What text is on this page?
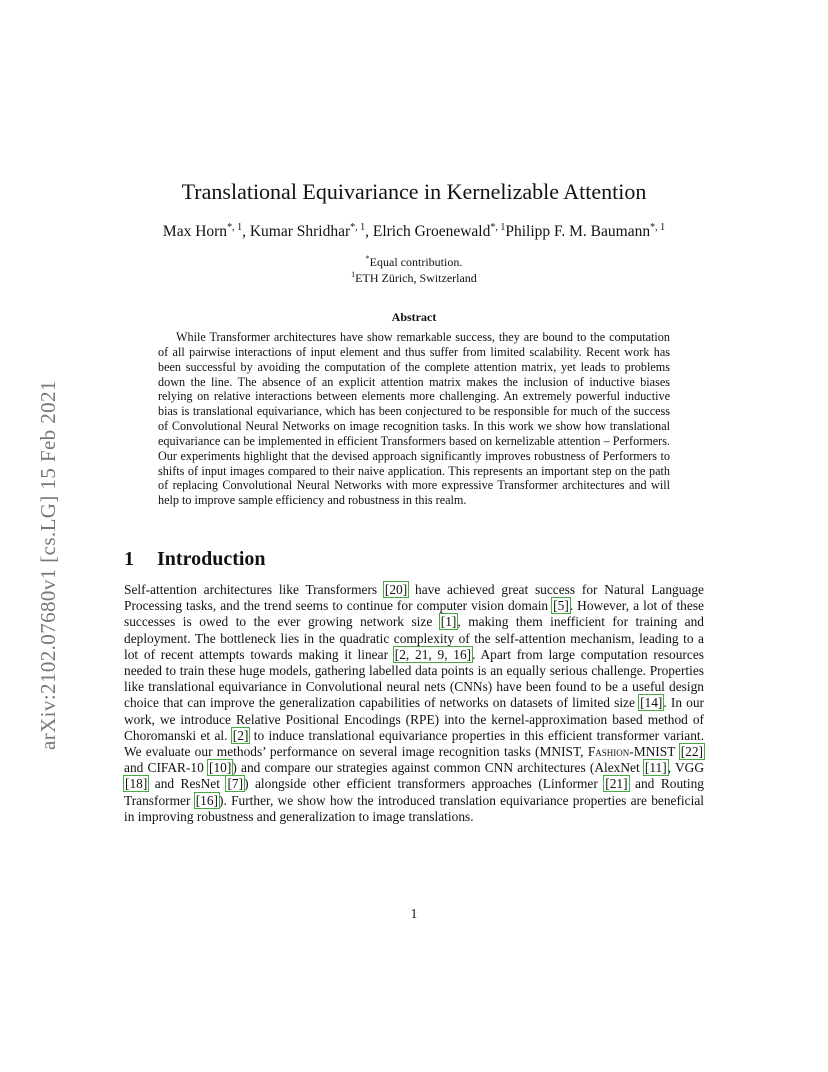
arXiv:2102.07680v1 [cs.LG] 15 Feb 2021
Translational Equivariance in Kernelizable Attention
Max Horn$^{*, 1}$, Kumar Shridhar$^{*, 1}$, Elrich Groenewald*, $^1$Philipp F. M. Baumann$^{*, 1}$
*Equal contribution.
$^1$ETH Zürich, Switzerland
Abstract
While Transformer architectures have show remarkable success, they are bound to the computation of all pairwise interactions of input element and thus suffer from limited scalability. Recent work has been successful by avoiding the computation of the complete attention matrix, yet leads to problems down the line. The absence of an explicit attention matrix makes the inclusion of inductive biases relying on relative interactions between elements more challenging. An extremely powerful inductive bias is translational equivariance, which has been conjectured to be responsible for much of the success of Convolutional Neural Networks on image recognition tasks. In this work we show how translational equivariance can be implemented in efficient Transformers based on kernelizable attention – Performers. Our experiments highlight that the devised approach significantly improves robustness of Performers to shifts of input images compared to their naive application. This represents an important step on the path of replacing Convolutional Neural Networks with more expressive Transformer architectures and will help to improve sample efficiency and robustness in this realm.
1 Introduction
Self-attention architectures like Transformers [20] have achieved great success for Natural Language Processing tasks, and the trend seems to continue for computer vision domain [5]. However, a lot of these successes is owed to the ever growing network size [1], making them inefficient for training and deployment. The bottleneck lies in the quadratic complexity of the self-attention mechanism, leading to a lot of recent attempts towards making it linear [2, 21, 9, 16]. Apart from large computation resources needed to train these huge models, gathering labelled data points is an equally serious challenge. Properties like translational equivariance in Convolutional neural nets (CNNs) have been found to be a useful design choice that can improve the generalization capabilities of networks on datasets of limited size [14]. In our work, we introduce Relative Positional Encodings (RPE) into the kernel-approximation based method of Choromanski et al. [2] to induce translational equivariance properties in this efficient transformer variant. We evaluate our methods’ performance on several image recognition tasks (MNIST, Fashion-MNIST [22] and CIFAR-10 [10]) and compare our strategies against common CNN architectures (AlexNet [11], VGG [18] and ResNet [7]) alongside other efficient transformers approaches (Linformer [21] and Routing Transformer [16]). Further, we show how the introduced translation equivariance properties are beneficial in improving robustness and generalization to image translations.
1
